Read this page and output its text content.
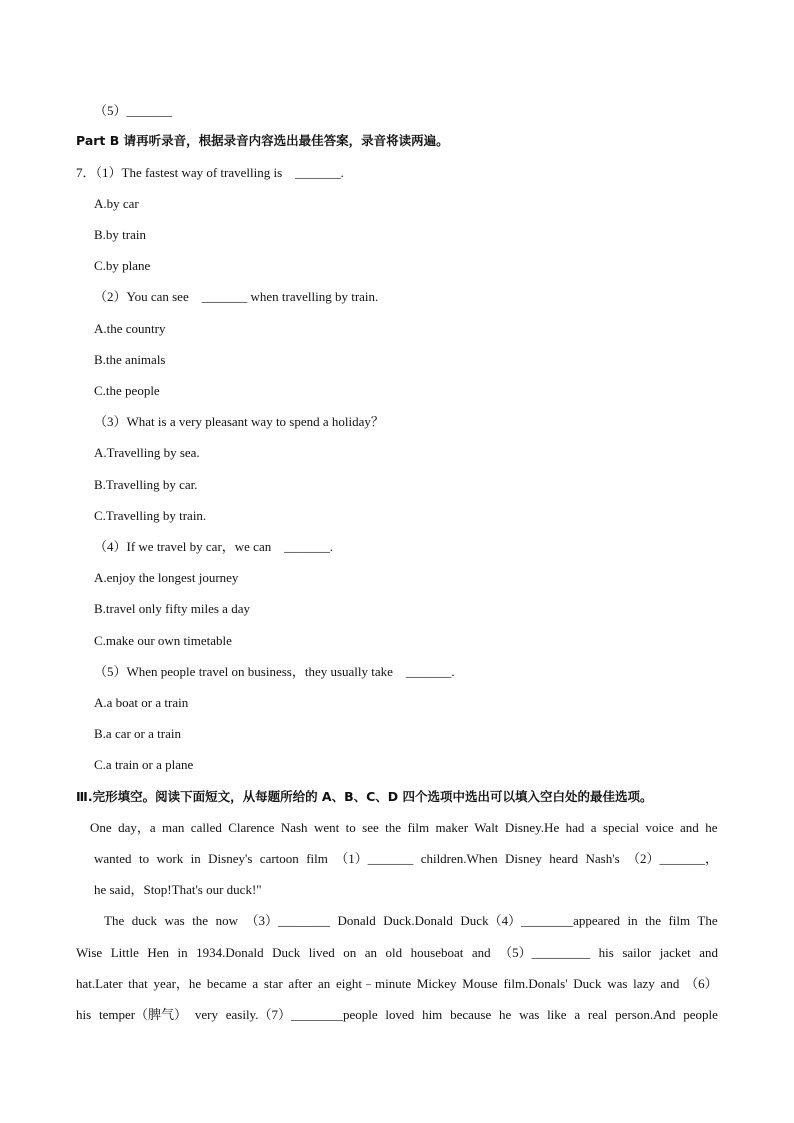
（5）_______
Part B 请再听录音，根据录音内容选出最佳答案，录音将读两遍。
7．（1）The fastest way of travelling is　_______.
A.by car
B.by train
C.by plane
（2）You can see　_______ when travelling by train.
A.the country
B.the animals
C.the people
（3）What is a very pleasant way to spend a holiday？
A.Travelling by sea.
B.Travelling by car.
C.Travelling by train.
（4）If we travel by car，we can　_______.
A.enjoy the longest journey
B.travel only fifty miles a day
C.make our own timetable
（5）When people travel on business，they usually take　_______.
A.a boat or a train
B.a car or a train
C.a train or a plane
Ⅲ.完形填空。阅读下面短文，从每题所给的 A、B、C、D 四个选项中选出可以填入空白处的最佳选项。
One day，a man called Clarence Nash went to see the film maker Walt Disney.He had a special voice and he
wanted to work in Disney's cartoon film （1）_______ children.When Disney heard Nash's （2）_______，
he said，Stop!That's our duck!"
The duck was the now （3）________ Donald Duck.Donald Duck（4）________appeared in the film The
Wise Little Hen in 1934.Donald Duck lived on an old houseboat and （5）_________ his sailor jacket and
hat.Later that year，he became a star after an eight﹣minute Mickey Mouse film.Donals' Duck was lazy and （6）
his temper（脾气） very easily.（7）________people loved him because he was like a real person.And people
